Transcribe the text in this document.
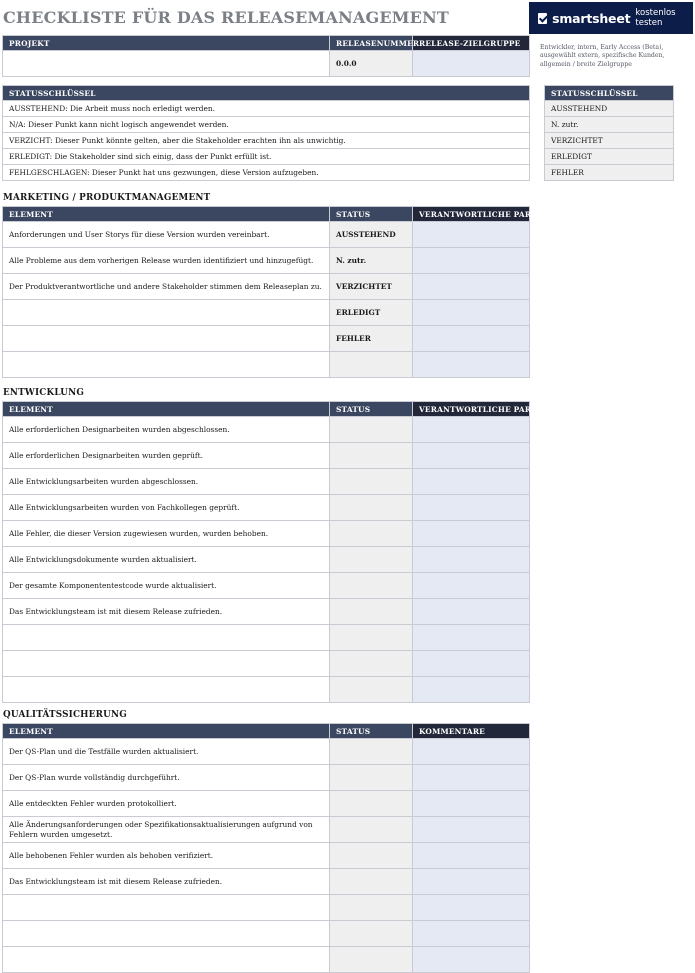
CHECKLISTE FÜR DAS RELEASEMANAGEMENT	smartsheet kostenlos testen
PROJEKT	RELEASENUMMER	RELEASE-ZIELGRUPPE
	0.0.0	
Entwickler, intern, Early Access (Beta), ausgewählt extern, spezifische Kunden, allgemein / breite Zielgruppe
STATUSSCHLÜSSEL
AUSSTEHEND: Die Arbeit muss noch erledigt werden.
N/A: Dieser Punkt kann nicht logisch angewendet werden.
VERZICHT: Dieser Punkt könnte gelten, aber die Stakeholder erachten ihn als unwichtig.
ERLEDIGT: Die Stakeholder sind sich einig, dass der Punkt erfüllt ist.
FEHLGESCHLAGEN: Dieser Punkt hat uns gezwungen, diese Version aufzugeben.
STATUSSCHLÜSSEL
AUSSTEHEND
N. zutr.
VERZICHTET
ERLEDIGT
FEHLER
MARKETING / PRODUKTMANAGEMENT
ELEMENT	STATUS	VERANTWORTLICHE PARTEI
Anforderungen und User Storys für diese Version wurden vereinbart.	AUSSTEHEND	
Alle Probleme aus dem vorherigen Release wurden identifiziert und hinzugefügt.	N. zutr.	
Der Produktverantwortliche und andere Stakeholder stimmen dem Releaseplan zu.	VERZICHTET	
	ERLEDIGT	
	FEHLER	

ENTWICKLUNG
ELEMENT	STATUS	VERANTWORTLICHE PARTEI
Alle erforderlichen Designarbeiten wurden abgeschlossen.		
Alle erforderlichen Designarbeiten wurden geprüft.		
Alle Entwicklungsarbeiten wurden abgeschlossen.		
Alle Entwicklungsarbeiten wurden von Fachkollegen geprüft.		
Alle Fehler, die dieser Version zugewiesen wurden, wurden behoben.		
Alle Entwicklungsdokumente wurden aktualisiert.		
Der gesamte Komponententestcode wurde aktualisiert.		
Das Entwicklungsteam ist mit diesem Release zufrieden.		

QUALITÄTSSICHERUNG
ELEMENT	STATUS	KOMMENTARE
Der QS-Plan und die Testfälle wurden aktualisiert.		
Der QS-Plan wurde vollständig durchgeführt.		
Alle entdeckten Fehler wurden protokolliert.		
Alle Änderungsanforderungen oder Spezifikationsaktualisierungen aufgrund von Fehlern wurden umgesetzt.		
Alle behobenen Fehler wurden als behoben verifiziert.		
Das Entwicklungsteam ist mit diesem Release zufrieden.		
